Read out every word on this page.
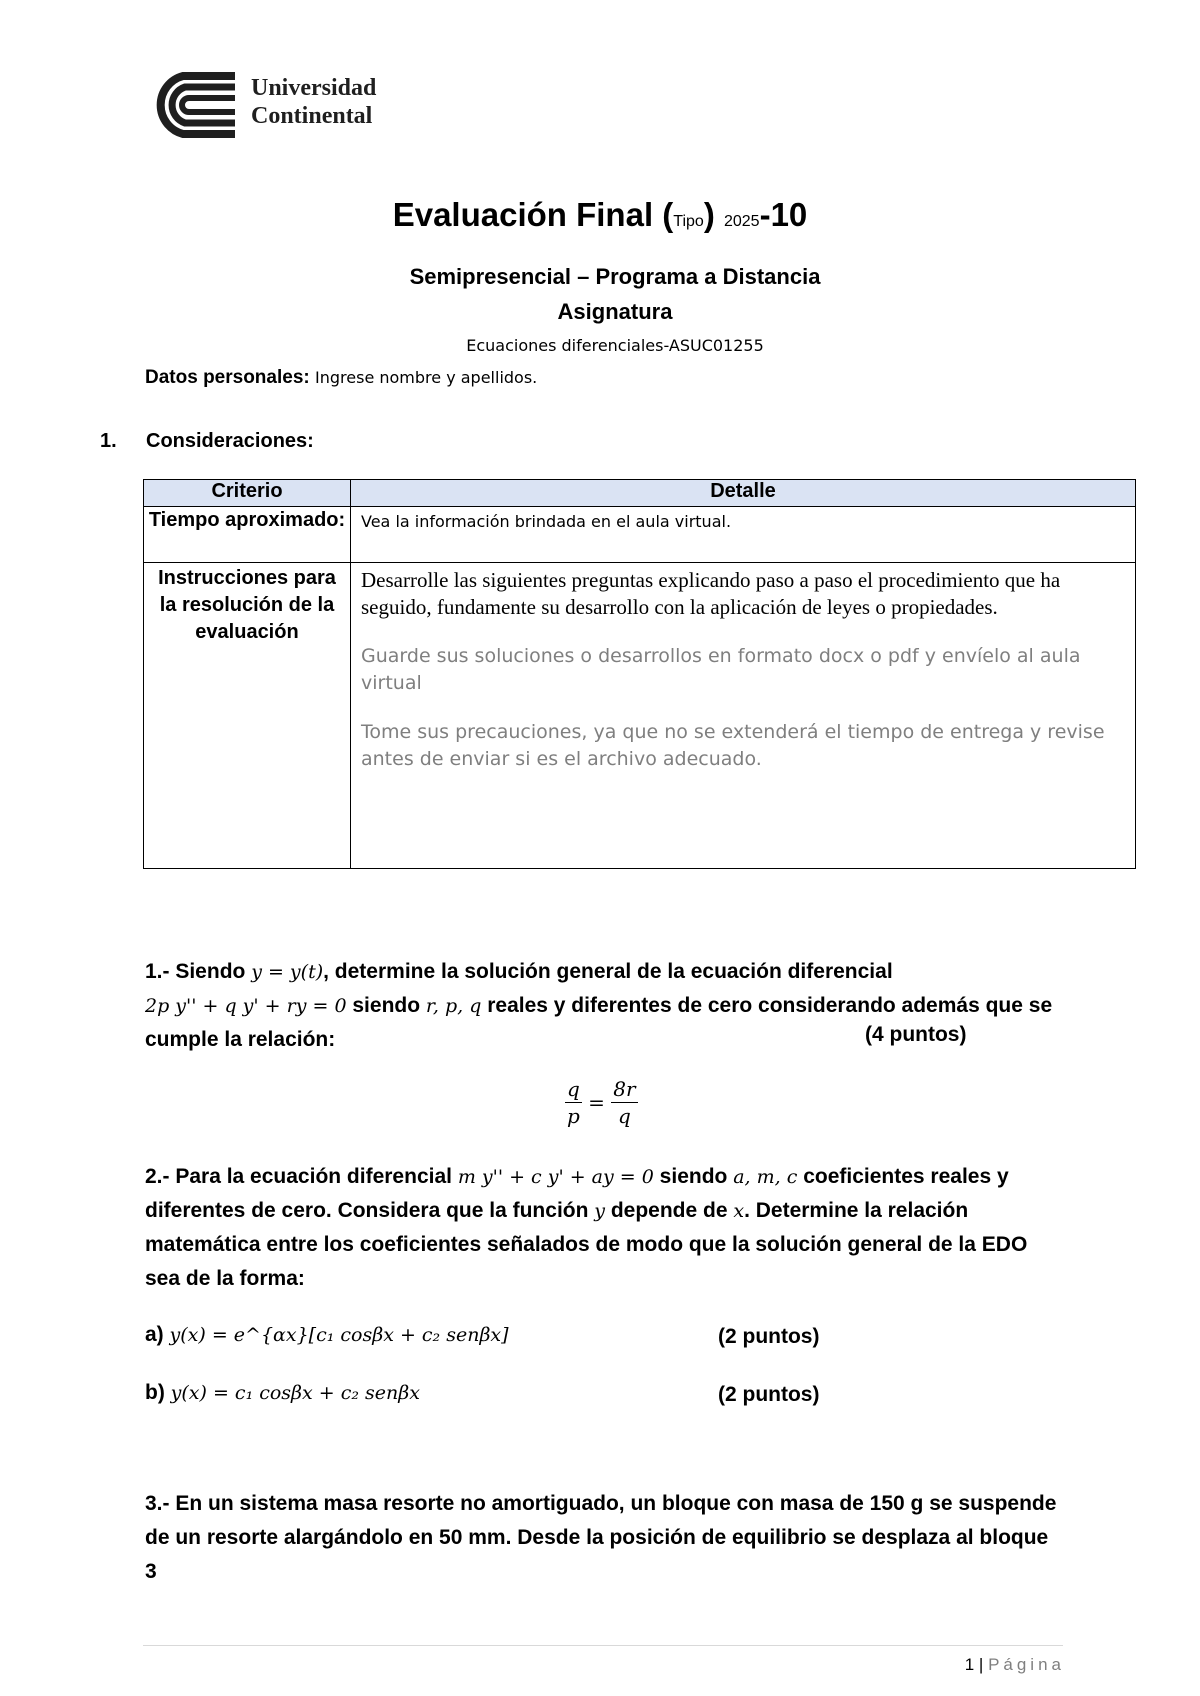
Universidad
Continental
Evaluación Final (Tipo) 2025-10
Semipresencial – Programa a Distancia
Asignatura
Ecuaciones diferenciales-ASUC01255
Datos personales: Ingrese nombre y apellidos.
1. Consideraciones:
Criterio	Detalle
Tiempo aproximado:	Vea la información brindada en el aula virtual.

Instrucciones para la resolución de la evaluación	Desarrolle las siguientes preguntas explicando paso a paso el procedimiento que ha seguido, fundamente su desarrollo con la aplicación de leyes o propiedades.

Guarde sus soluciones o desarrollos en formato docx o pdf y envíelo al aula virtual

Tome sus precauciones, ya que no se extenderá el tiempo de entrega y revise antes de enviar si es el archivo adecuado.

1.- Siendo y = y(t), determine la solución general de la ecuación diferencial
2p y'' + q y' + ry = 0 siendo r, p, q reales y diferentes de cero considerando además que se cumple la relación:	(4 puntos)
$\frac{q}{p} = \frac{8r}{q}$
2.- Para la ecuación diferencial m y'' + c y' + ay = 0 siendo a, m, c coeficientes reales y diferentes de cero. Considera que la función y depende de x. Determine la relación matemática entre los coeficientes señalados de modo que la solución general de la EDO sea de la forma:
a) y(x) = e^{αx}[c₁ cosβx + c₂ senβx]	(2 puntos)
b) y(x) = c₁ cosβx + c₂ senβx	(2 puntos)
3.- En un sistema masa resorte no amortiguado, un bloque con masa de 150 g se suspende de un resorte alargándolo en 50 mm. Desde la posición de equilibrio se desplaza al bloque 3
1 | Página
